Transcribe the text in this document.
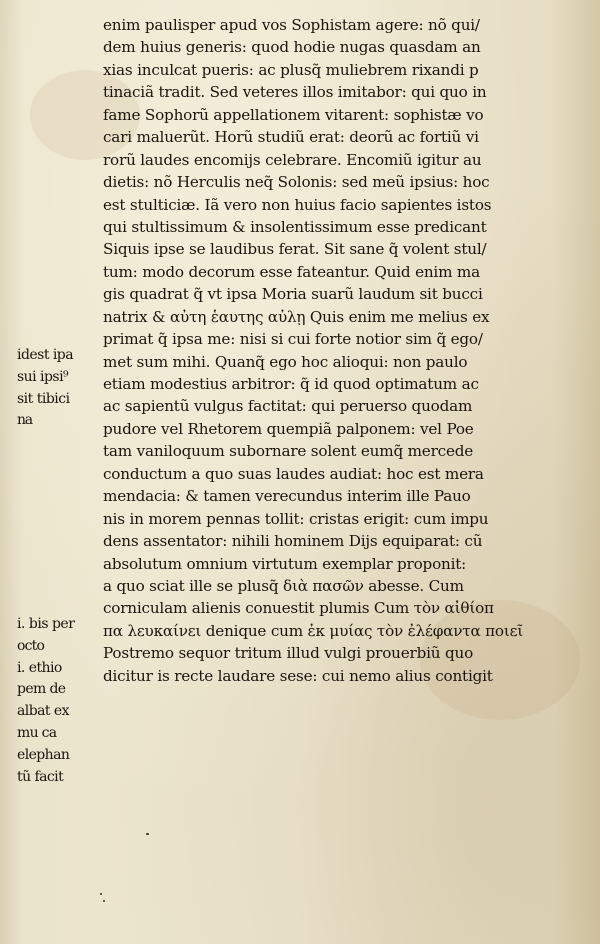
enim paulisper apud vos Sophistam agere: nõ qui/
dem huius generis: quod hodie nugas quasdam an
xias inculcat pueris: ac plusq̃ muliebrem rixandi p
tinaciã tradit. Sed veteres illos imitabor: qui quo in
fame Sophorũ appellationem vitarent: sophistæ vo
cari maluerũt. Horũ studiũ erat: deorũ ac fortiũ vi
rorũ laudes encomijs celebrare. Encomiũ igitur au
dietis: nõ Herculis neq̃ Solonis: sed meũ ipsius: hoc
est stulticiæ. Iã vero non huius facio sapientes istos
qui stultissimum & insolentissimum esse predicant
Siquis ipse se laudibus ferat. Sit sane q̃ volent stul/
tum: modo decorum esse fateantur. Quid enim ma
gis quadrat q̃ vt ipsa Moria suarũ laudum sit bucci
natrix & αὐτη ἑαυτης αὐλῃ Quis enim me melius ex
primat q̃ ipsa me: nisi si cui forte notior sim q̃ ego/
met sum mihi. Quanq̃ ego hoc alioqui: non paulo
etiam modestius arbitror: q̃ id quod optimatum ac
ac sapientũ vulgus factitat: qui peruerso quodam
pudore vel Rhetorem quempiã palponem: vel Poe
tam vaniloquum subornare solent eumq̃ mercede
conductum a quo suas laudes audiat: hoc est mera
mendacia: & tamen verecundus interim ille Pauo
nis in morem pennas tollit: cristas erigit: cum impu
dens assentator: nihili hominem Dijs equiparat: cũ
absolutum omnium virtutum exemplar proponit:
a quo sciat ille se plusq̃ διὰ πασῶν abesse. Cum
corniculam alienis conuestit plumis Cum τὸν αἰθίοπ
πα λευκαίνει denique cum ἐκ μυίας τὸν ἐλέφαντα ποιεῖ
Postremo sequor tritum illud vulgi prouerbiũ quo
dicitur is recte laudare sese: cui nemo alius contigit
idest ipa
sui ipsi⁹
sit tibici
na
i. bis per
octo
i. ethio
pem de
albat ex
mu ca
elephan
tũ facit
